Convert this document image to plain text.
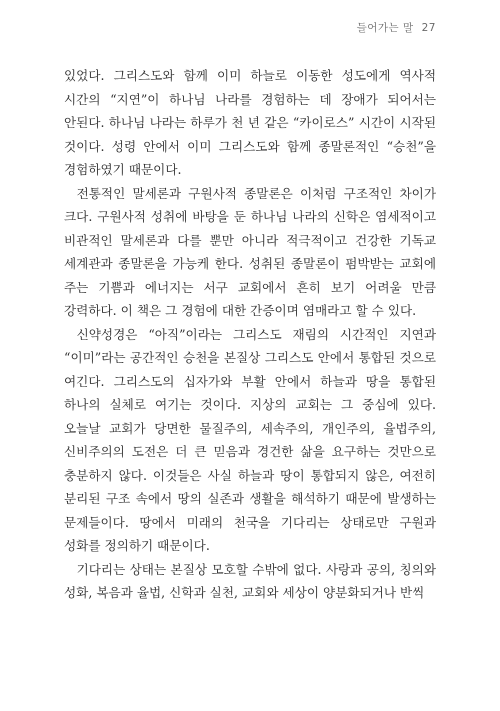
들어가는 말 27

있었다. 그리스도와 함께 이미 하늘로 이동한 성도에게 역사적 시간의 “지연”이 하나님 나라를 경험하는 데 장애가 되어서는 안된다. 하나님 나라는 하루가 천 년 같은 “카이로스” 시간이 시작된 것이다. 성령 안에서 이미 그리스도와 함께 종말론적인 “승천”을 경험하였기 때문이다.

전통적인 말세론과 구원사적 종말론은 이처럼 구조적인 차이가 크다. 구원사적 성취에 바탕을 둔 하나님 나라의 신학은 염세적이고 비관적인 말세론과 다를 뿐만 아니라 적극적이고 건강한 기독교 세계관과 종말론을 가능케 한다. 성취된 종말론이 펌박받는 교회에 주는 기쁨과 에너지는 서구 교회에서 흔히 보기 어려울 만큼 강력하다. 이 책은 그 경험에 대한 간증이며 염매라고 할 수 있다.

신약성경은 “아직”이라는 그리스도 재림의 시간적인 지연과 “이미”라는 공간적인 승천을 본질상 그리스도 안에서 통합된 것으로 여긴다. 그리스도의 십자가와 부활 안에서 하늘과 땅을 통합된 하나의 실체로 여기는 것이다. 지상의 교회는 그 중심에 있다. 오늘날 교회가 당면한 물질주의, 세속주의, 개인주의, 율법주의, 신비주의의 도전은 더 큰 믿음과 경건한 삶을 요구하는 것만으로 충분하지 않다. 이것들은 사실 하늘과 땅이 통합되지 않은, 여전히 분리된 구조 속에서 땅의 실존과 생활을 해석하기 때문에 발생하는 문제들이다. 땅에서 미래의 천국을 기다리는 상태로만 구원과 성화를 정의하기 때문이다.

기다리는 상태는 본질상 모호할 수밖에 없다. 사랑과 공의, 칭의와 성화, 복음과 율법, 신학과 실천, 교회와 세상이 양분화되거나 반씩
